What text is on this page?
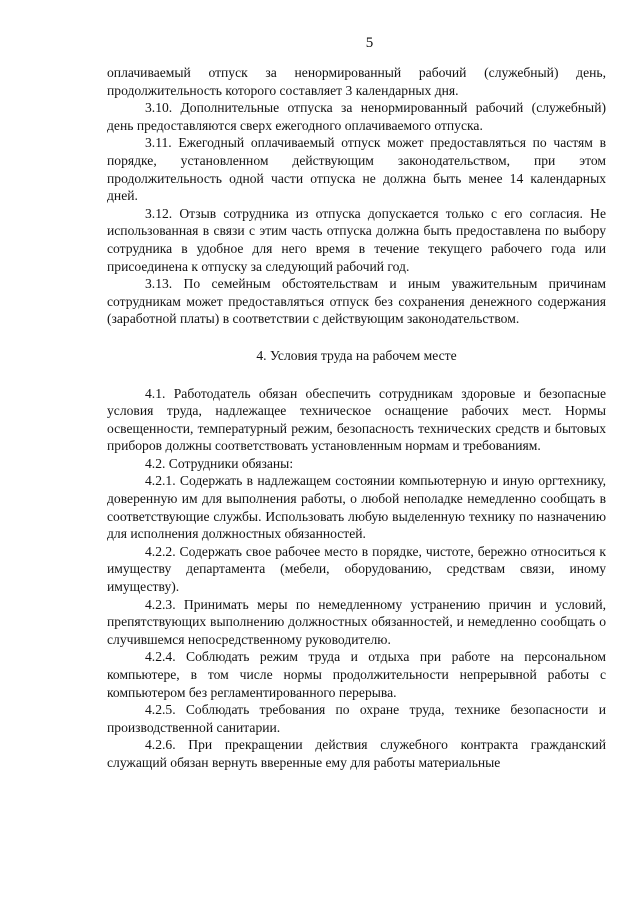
5

оплачиваемый отпуск за ненормированный рабочий (служебный) день, продолжительность которого составляет 3 календарных дня.

3.10. Дополнительные отпуска за ненормированный рабочий (служебный) день предоставляются сверх ежегодного оплачиваемого отпуска.

3.11. Ежегодный оплачиваемый отпуск может предоставляться по частям в порядке, установленном действующим законодательством, при этом продолжительность одной части отпуска не должна быть менее 14 календарных дней.

3.12. Отзыв сотрудника из отпуска допускается только с его согласия. Не использованная в связи с этим часть отпуска должна быть предоставлена по выбору сотрудника в удобное для него время в течение текущего рабочего года или присоединена к отпуску за следующий рабочий год.

3.13. По семейным обстоятельствам и иным уважительным причинам сотрудникам может предоставляться отпуск без сохранения денежного содержания (заработной платы) в соответствии с действующим законодательством.

4. Условия труда на рабочем месте

4.1. Работодатель обязан обеспечить сотрудникам здоровые и безопасные условия труда, надлежащее техническое оснащение рабочих мест. Нормы освещенности, температурный режим, безопасность технических средств и бытовых приборов должны соответствовать установленным нормам и требованиям.

4.2. Сотрудники обязаны:

4.2.1. Содержать в надлежащем состоянии компьютерную и иную оргтехнику, доверенную им для выполнения работы, о любой неполадке немедленно сообщать в соответствующие службы. Использовать любую выделенную технику по назначению для исполнения должностных обязанностей.

4.2.2. Содержать свое рабочее место в порядке, чистоте, бережно относиться к имуществу департамента (мебели, оборудованию, средствам связи, иному имуществу).

4.2.3. Принимать меры по немедленному устранению причин и условий, препятствующих выполнению должностных обязанностей, и немедленно сообщать о случившемся непосредственному руководителю.

4.2.4. Соблюдать режим труда и отдыха при работе на персональном компьютере, в том числе нормы продолжительности непрерывной работы с компьютером без регламентированного перерыва.

4.2.5. Соблюдать требования по охране труда, технике безопасности и производственной санитарии.

4.2.6. При прекращении действия служебного контракта гражданский служащий обязан вернуть вверенные ему для работы материальные
